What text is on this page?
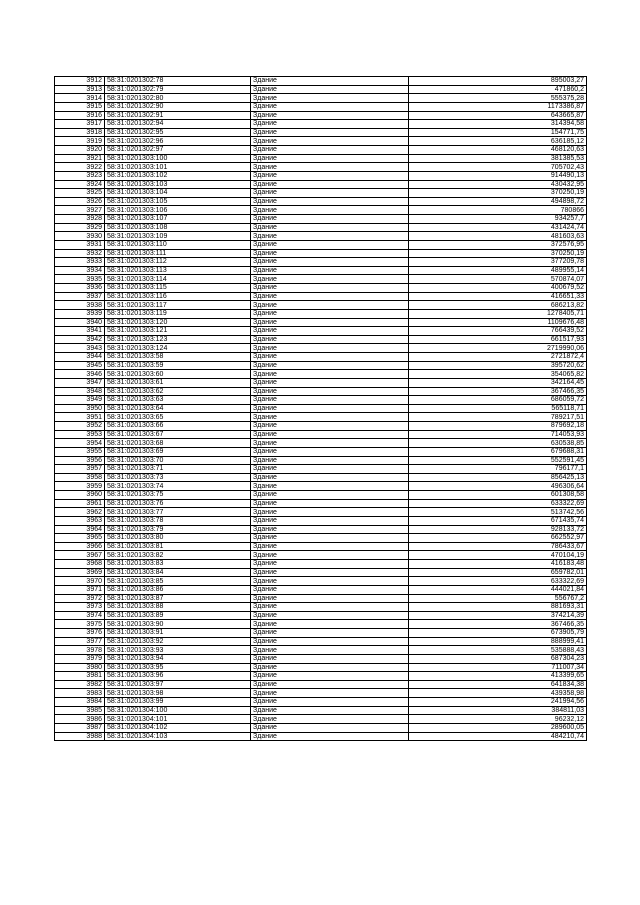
3912	58:31:0201302:78	Здание	895003,27
3913	58:31:0201302:79	Здание	471860,2
3914	58:31:0201302:80	Здание	555375,28
3915	58:31:0201302:90	Здание	1173386,87
3916	58:31:0201302:91	Здание	643665,87
3917	58:31:0201302:94	Здание	314394,58
3918	58:31:0201302:95	Здание	154771,75
3919	58:31:0201302:96	Здание	636185,12
3920	58:31:0201302:97	Здание	468120,63
3921	58:31:0201303:100	Здание	381385,53
3922	58:31:0201303:101	Здание	705702,43
3923	58:31:0201303:102	Здание	914490,13
3924	58:31:0201303:103	Здание	430432,95
3925	58:31:0201303:104	Здание	370250,19
3926	58:31:0201303:105	Здание	494898,72
3927	58:31:0201303:106	Здание	780866
3928	58:31:0201303:107	Здание	934257,7
3929	58:31:0201303:108	Здание	431424,74
3930	58:31:0201303:109	Здание	481603,63
3931	58:31:0201303:110	Здание	372576,95
3932	58:31:0201303:111	Здание	370250,19
3933	58:31:0201303:112	Здание	377209,78
3934	58:31:0201303:113	Здание	489955,14
3935	58:31:0201303:114	Здание	570874,07
3936	58:31:0201303:115	Здание	400679,52
3937	58:31:0201303:116	Здание	416651,33
3938	58:31:0201303:117	Здание	686213,82
3939	58:31:0201303:119	Здание	1278405,71
3940	58:31:0201303:120	Здание	1109676,48
3941	58:31:0201303:121	Здание	766439,52
3942	58:31:0201303:123	Здание	661517,93
3943	58:31:0201303:124	Здание	2719990,06
3944	58:31:0201303:58	Здание	2721872,4
3945	58:31:0201303:59	Здание	395720,62
3946	58:31:0201303:60	Здание	354065,82
3947	58:31:0201303:61	Здание	342164,45
3948	58:31:0201303:62	Здание	367466,35
3949	58:31:0201303:63	Здание	686059,72
3950	58:31:0201303:64	Здание	565118,71
3951	58:31:0201303:65	Здание	789217,51
3952	58:31:0201303:66	Здание	879692,18
3953	58:31:0201303:67	Здание	714053,93
3954	58:31:0201303:68	Здание	630538,85
3955	58:31:0201303:69	Здание	679688,31
3956	58:31:0201303:70	Здание	552591,45
3957	58:31:0201303:71	Здание	796177,1
3958	58:31:0201303:73	Здание	856425,13
3959	58:31:0201303:74	Здание	496306,64
3960	58:31:0201303:75	Здание	601308,58
3961	58:31:0201303:76	Здание	633322,69
3962	58:31:0201303:77	Здание	513742,56
3963	58:31:0201303:78	Здание	671435,74
3964	58:31:0201303:79	Здание	928133,72
3965	58:31:0201303:80	Здание	662552,97
3966	58:31:0201303:81	Здание	786433,67
3967	58:31:0201303:82	Здание	470104,19
3968	58:31:0201303:83	Здание	416183,48
3969	58:31:0201303:84	Здание	659782,01
3970	58:31:0201303:85	Здание	633322,69
3971	58:31:0201303:86	Здание	444021,84
3972	58:31:0201303:87	Здание	556767,2
3973	58:31:0201303:88	Здание	881693,31
3974	58:31:0201303:89	Здание	374214,39
3975	58:31:0201303:90	Здание	367466,35
3976	58:31:0201303:91	Здание	673905,79
3977	58:31:0201303:92	Здание	888999,41
3978	58:31:0201303:93	Здание	535888,43
3979	58:31:0201303:94	Здание	687304,23
3980	58:31:0201303:95	Здание	711007,34
3981	58:31:0201303:96	Здание	413399,65
3982	58:31:0201303:97	Здание	641834,38
3983	58:31:0201303:98	Здание	439358,98
3984	58:31:0201303:99	Здание	241994,56
3985	58:31:0201304:100	Здание	384811,03
3986	58:31:0201304:101	Здание	96232,12
3987	58:31:0201304:102	Здание	289600,05
3988	58:31:0201304:103	Здание	484210,74
